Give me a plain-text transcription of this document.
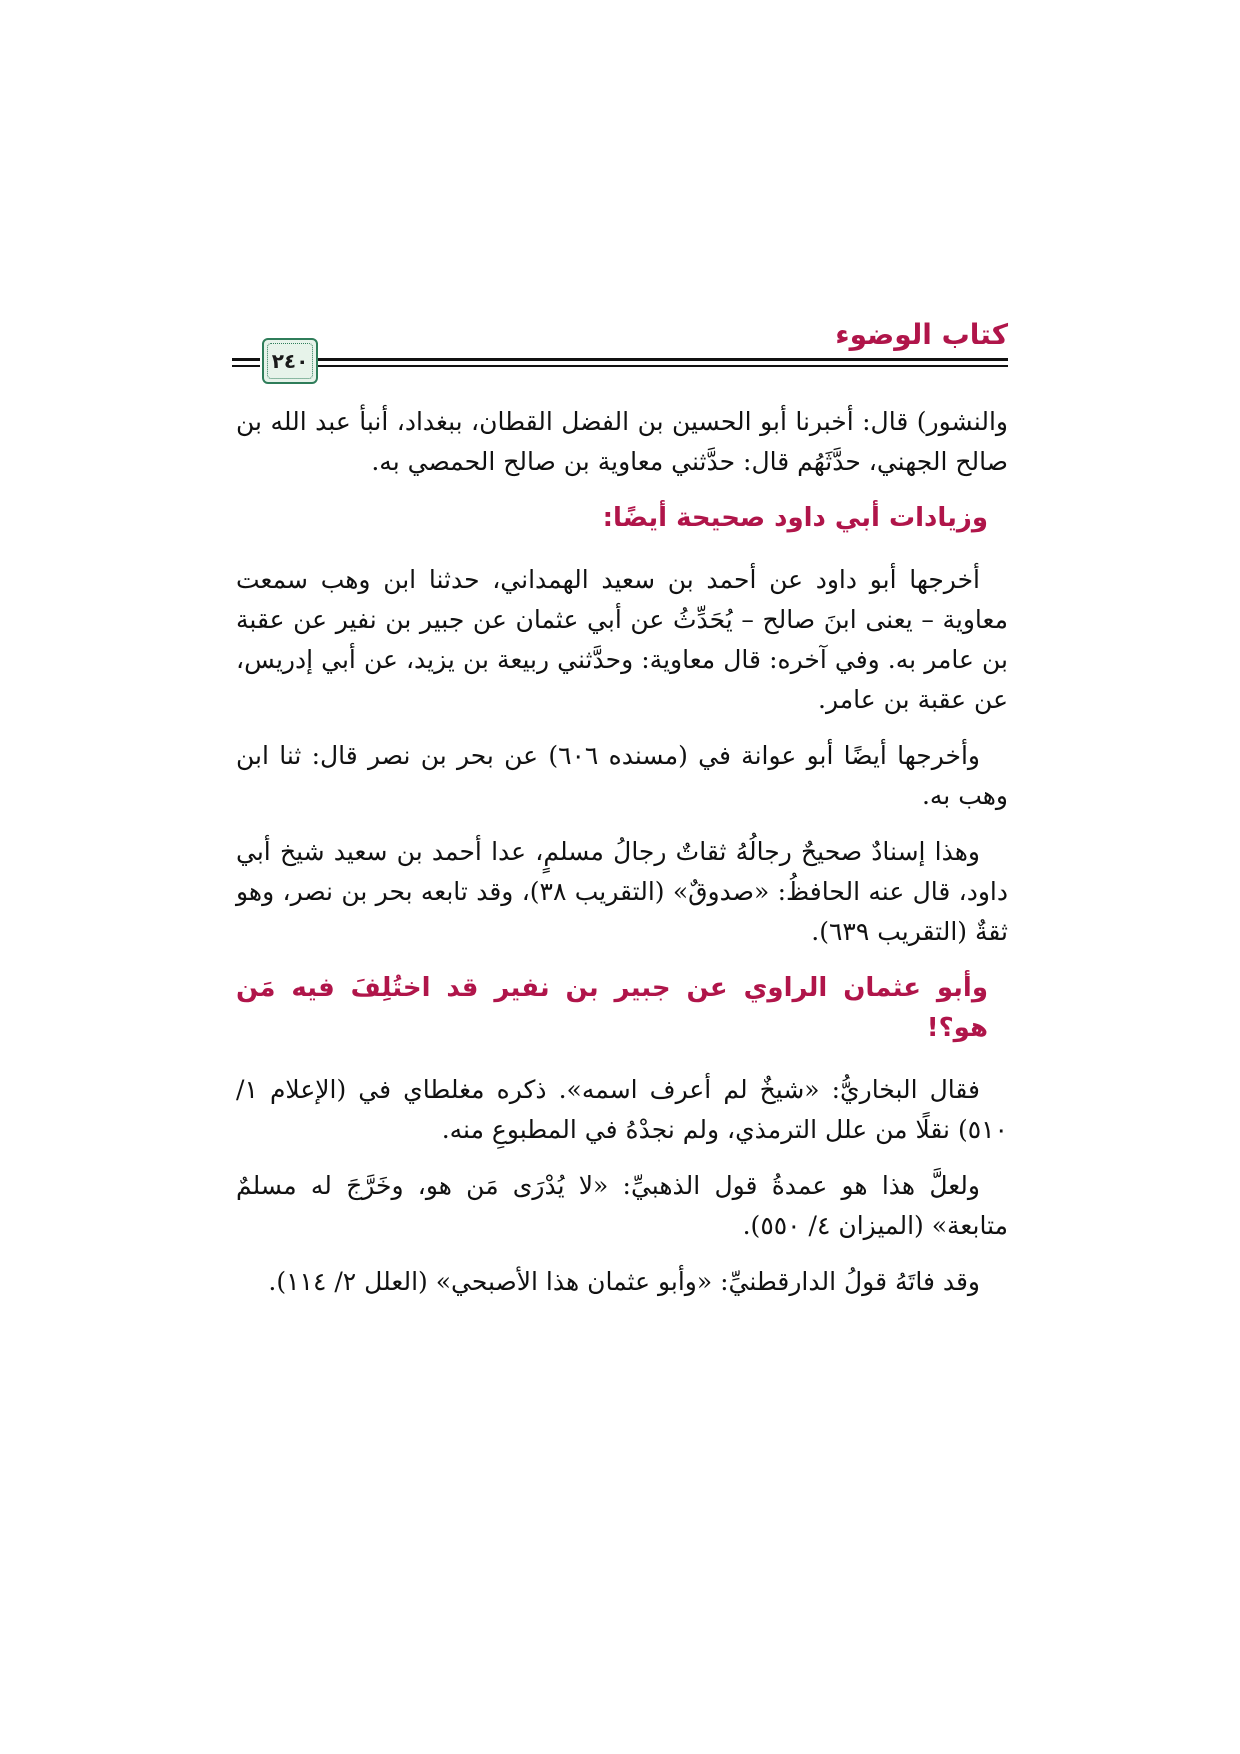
كتاب الوضوء
٢٤٠

والنشور) قال: أخبرنا أبو الحسين بن الفضل القطان، ببغداد، أنبأ عبد الله بن صالح الجهني، حدَّثَهُم قال: حدَّثني معاوية بن صالح الحمصي به.

وزيادات أبي داود صحيحة أيضًا:

أخرجها أبو داود عن أحمد بن سعيد الهمداني، حدثنا ابن وهب سمعت معاوية – يعنى ابنَ صالح – يُحَدِّثُ عن أبي عثمان عن جبير بن نفير عن عقبة بن عامر به. وفي آخره: قال معاوية: وحدَّثني ربيعة بن يزيد، عن أبي إدريس، عن عقبة بن عامر.

وأخرجها أيضًا أبو عوانة في (مسنده ٦٠٦) عن بحر بن نصر قال: ثنا ابن وهب به.

وهذا إسنادٌ صحيحٌ رجالُهُ ثقاتٌ رجالُ مسلمٍ، عدا أحمد بن سعيد شيخ أبي داود، قال عنه الحافظُ: «صدوقٌ» (التقريب ٣٨)، وقد تابعه بحر بن نصر، وهو ثقةٌ (التقريب ٦٣٩).

وأبو عثمان الراوي عن جبير بن نفير قد اختُلِفَ فيه مَن هو؟!

فقال البخاريُّ: «شيخٌ لم أعرف اسمه». ذكره مغلطاي في (الإعلام ١/ ٥١٠) نقلًا من علل الترمذي، ولم نجدْهُ في المطبوعِ منه.

ولعلَّ هذا هو عمدةُ قول الذهبيِّ: «لا يُدْرَى مَن هو، وخَرَّجَ له مسلمٌ متابعة» (الميزان ٤/ ٥٥٠).

وقد فاتَهُ قولُ الدارقطنيِّ: «وأبو عثمان هذا الأصبحي» (العلل ٢/ ١١٤).
